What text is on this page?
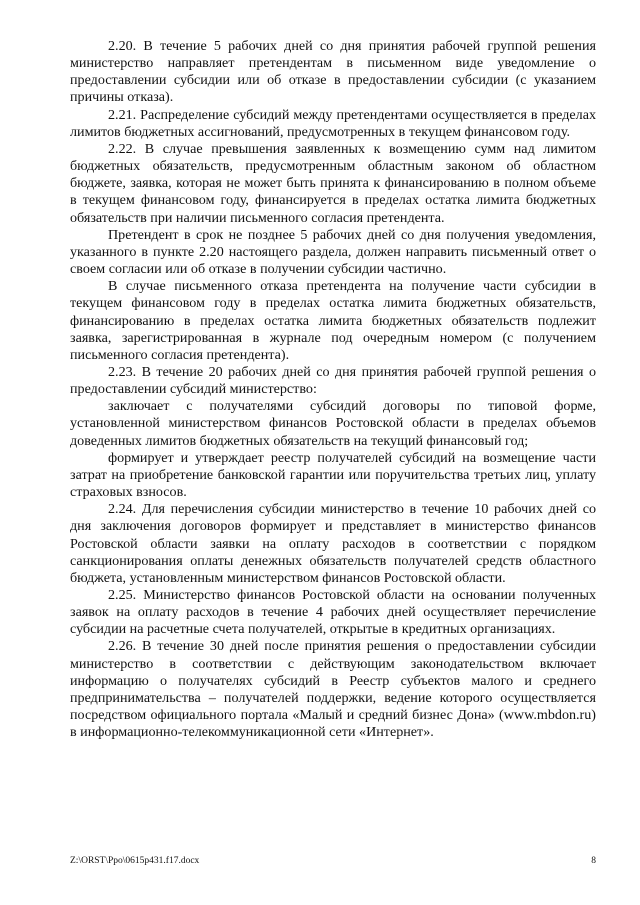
2.20. В течение 5 рабочих дней со дня принятия рабочей группой решения министерство направляет претендентам в письменном виде уведомление о предоставлении субсидии или об отказе в предоставлении субсидии (с указанием причины отказа).

2.21. Распределение субсидий между претендентами осуществляется в пределах лимитов бюджетных ассигнований, предусмотренных в текущем финансовом году.

2.22. В случае превышения заявленных к возмещению сумм над лимитом бюджетных обязательств, предусмотренным областным законом об областном бюджете, заявка, которая не может быть принята к финансированию в полном объеме в текущем финансовом году, финансируется в пределах остатка лимита бюджетных обязательств при наличии письменного согласия претендента.

Претендент в срок не позднее 5 рабочих дней со дня получения уведомления, указанного в пункте 2.20 настоящего раздела, должен направить письменный ответ о своем согласии или об отказе в получении субсидии частично.

В случае письменного отказа претендента на получение части субсидии в текущем финансовом году в пределах остатка лимита бюджетных обязательств, финансированию в пределах остатка лимита бюджетных обязательств подлежит заявка, зарегистрированная в журнале под очередным номером (с получением письменного согласия претендента).

2.23. В течение 20 рабочих дней со дня принятия рабочей группой решения о предоставлении субсидий министерство:

заключает с получателями субсидий договоры по типовой форме, установленной министерством финансов Ростовской области в пределах объемов доведенных лимитов бюджетных обязательств на текущий финансовый год;

формирует и утверждает реестр получателей субсидий на возмещение части затрат на приобретение банковской гарантии или поручительства третьих лиц, уплату страховых взносов.

2.24. Для перечисления субсидии министерство в течение 10 рабочих дней со дня заключения договоров формирует и представляет в министерство финансов Ростовской области заявки на оплату расходов в соответствии с порядком санкционирования оплаты денежных обязательств получателей средств областного бюджета, установленным министерством финансов Ростовской области.

2.25. Министерство финансов Ростовской области на основании полученных заявок на оплату расходов в течение 4 рабочих дней осуществляет перечисление субсидии на расчетные счета получателей, открытые в кредитных организациях.

2.26. В течение 30 дней после принятия решения о предоставлении субсидии министерство в соответствии с действующим законодательством включает информацию о получателях субсидий в Реестр субъектов малого и среднего предпринимательства – получателей поддержки, ведение которого осуществляется посредством официального портала «Малый и средний бизнес Дона» (www.mbdon.ru) в информационно-телекоммуникационной сети «Интернет».

Z:\ORST\Ppo\0615p431.f17.docx	8
